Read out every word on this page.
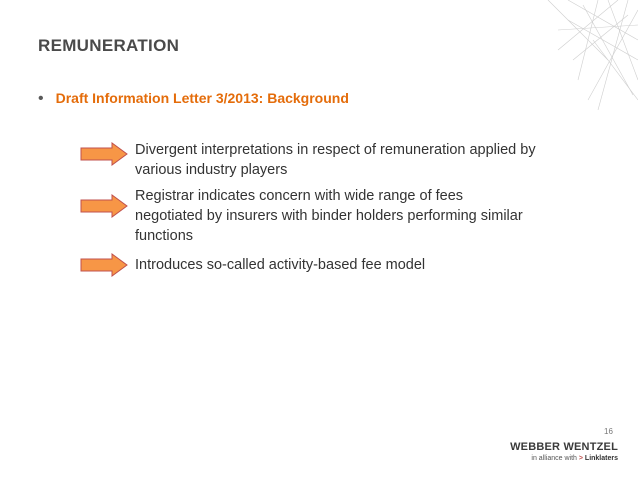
REMUNERATION
• Draft Information Letter 3/2013: Background
Divergent interpretations in respect of remuneration applied by
various industry players
Registrar indicates concern with wide range of fees
negotiated by insurers with binder holders performing similar
functions
Introduces so-called activity-based fee model
16
WEBBER WENTZEL
in alliance with > Linklaters
